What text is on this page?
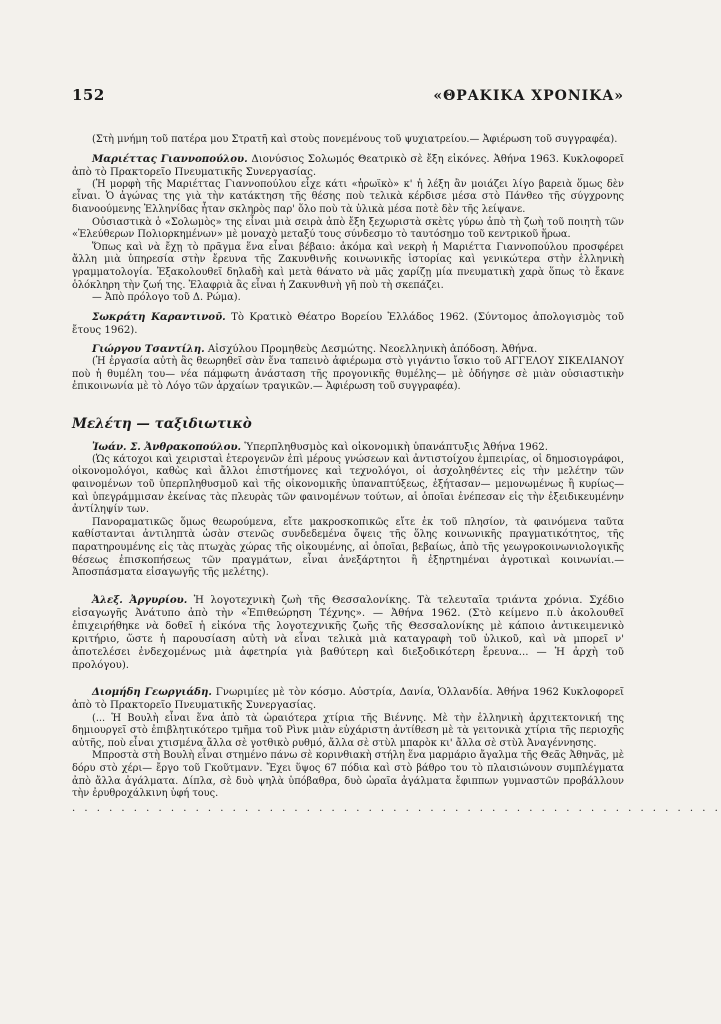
152	«ΘΡΑΚΙΚΑ ΧΡΟΝΙΚΑ»

(Στὴ μνήμη τοῦ πατέρα μου Στρατῆ καὶ στοὺς πονεμένους τοῦ ψυχιατρείου.— Ἀφιέρωση τοῦ συγγραφέα).

Μαριέττας Γιαννοπούλου. Διονύσιος Σολωμός Θεατρικὸ σὲ ἔξη εἰκόνες. Ἀθήνα 1963. Κυκλοφορεῖ ἀπὸ τὸ Πρακτορεῖο Πνευματικῆς Συνεργασίας.

(Ἡ μορφὴ τῆς Μαριέττας Γιαννοπούλου εἶχε κάτι «ἡρωϊκὸ» κ' ἡ λέξη ἂν μοιάζει λίγο βαρειὰ ὅμως δὲν εἶναι. Ὁ ἀγώνας της γιὰ τὴν κατάκτηση τῆς θέσης ποὺ τελικὰ κέρδισε μέσα στὸ Πάνθεο τῆς σύγχρονης διανοούμενης Ἑλληνίδας ἦταν σκληρὸς παρ' ὅλο ποὺ τὰ ὑλικὰ μέσα ποτὲ δὲν τῆς λείψανε.

Οὐσιαστικὰ ὁ «Σολωμὸς» της εἶναι μιὰ σειρὰ ἀπὸ ἔξη ξεχωριστὰ σκὲτς γύρω ἀπὸ τὴ ζωὴ τοῦ ποιητὴ τῶν «Ἐλεύθερων Πολιορκημένων» μὲ μοναχὸ μεταξύ τους σύνδεσμο τὸ ταυτόσημο τοῦ κεντρικοῦ ἥρωα.

Ὅπως καὶ νὰ ἔχῃ τὸ πρᾶγμα ἕνα εἶναι βέβαιο: ἀκόμα καὶ νεκρὴ ἡ Μαριέττα Γιαννοπούλου προσφέρει ἄλλη μιὰ ὑπηρεσία στὴν ἔρευνα τῆς Ζακυνθινῆς κοινωνικῆς ἱστορίας καὶ γενικώτερα στὴν ἑλληνικὴ γραμματολογία. Ἐξακολουθεῖ δηλαδὴ καὶ μετὰ θάνατο νὰ μᾶς χαρίζῃ μία πνευματικὴ χαρὰ ὅπως τὸ ἔκανε ὁλόκληρη τὴν ζωή της. Ἐλαφριὰ ἂς εἶναι ἡ Ζακυνθινὴ γῆ ποὺ τὴ σκεπάζει.

— Ἀπὸ πρόλογο τοῦ Δ. Ρώμα).

Σωκράτη Καραντινοῦ. Τὸ Κρατικὸ Θέατρο Βορείου Ἑλλάδος 1962. (Σύντομος ἀπολογισμὸς τοῦ ἔτους 1962).

Γιώργου Τσαντίλη. Αἰσχύλου Προμηθεὺς Δεσμώτης. Νεοελληνικὴ ἀπόδοση. Ἀθήνα.

(Ἡ ἐργασία αὐτὴ ἂς θεωρηθεῖ σὰν ἕνα ταπεινὸ ἀφιέρωμα στὸ γιγάντιο ἴσκιο τοῦ ΑΓΓΕΛΟΥ ΣΙΚΕΛΙΑΝΟΥ ποὺ ἡ θυμέλη του— νέα πάμφωτη ἀνάσταση τῆς προγονικῆς θυμέλης— μὲ ὁδήγησε σὲ μιὰν οὐσιαστικὴν ἐπικοινωνία μὲ τὸ Λόγο τῶν ἀρχαίων τραγικῶν.— Ἀφιέρωση τοῦ συγγραφέα).

Μελέτη — ταξιδιωτικὸ

Ἰωάν. Σ. Ἀνθρακοπούλου. Ὑπερπληθυσμὸς καὶ οἰκονομικὴ ὑπανάπτυξις Ἀθήνα 1962.

(Ὡς κάτοχοι καὶ χειρισταὶ ἑτερογενῶν ἐπὶ μέρους γνώσεων καὶ ἀντιστοίχου ἐμπειρίας, οἱ δημοσιογράφοι, οἰκονομολόγοι, καθὼς καὶ ἄλλοι ἐπιστήμονες καὶ τεχνολόγοι, οἱ ἀσχοληθέντες εἰς τὴν μελέτην τῶν φαινομένων τοῦ ὑπερπληθυσμοῦ καὶ τῆς οἰκονομικῆς ὑπαναπτύξεως, ἐξήτασαν— μεμονωμένως ἢ κυρίως— καὶ ὑπεγράμμισαν ἐκείνας τὰς πλευρὰς τῶν φαινομένων τούτων, αἱ ὁποῖαι ἐνέπεσαν εἰς τὴν ἐξειδικευμένην ἀντίληψίν των.

Πανοραματικῶς ὅμως θεωρούμενα, εἴτε μακροσκοπικῶς εἴτε ἐκ τοῦ πλησίον, τὰ φαινόμενα ταῦτα καθίστανται ἀντιληπτὰ ὡσὰν στενῶς συνδεδεμένα ὄψεις τῆς ὅλης κοινωνικῆς πραγματικότητος, τῆς παρατηρουμένης εἰς τὰς πτωχὰς χώρας τῆς οἰκουμένης, αἱ ὁποῖαι, βεβαίως, ἀπὸ τῆς γεωγροκοινωνιολογικῆς θέσεως ἐπισκοπήσεως τῶν πραγμάτων, εἶναι ἀνεξάρτητοι ἢ ἐξηρτημέναι ἀγροτικαὶ κοινωνίαι.— Ἀποσπάσματα εἰσαγωγῆς τῆς μελέτης).

Ἀλεξ. Ἀργυρίου. Ἡ λογοτεχνικὴ ζωὴ τῆς Θεσσαλονίκης. Τὰ τελευταῖα τριάντα χρόνια. Σχέδιο εἰσαγωγῆς Ἀνάτυπο ἀπὸ τὴν «Ἐπιθεώρηση Τέχνης». — Ἀθήνα 1962. (Στὸ κείμενο π.ὺ ἀκολουθεῖ ἐπιχειρήθηκε νὰ δοθεῖ ἡ εἰκόνα τῆς λογοτεχνικῆς ζωῆς τῆς Θεσσαλονίκης μὲ κάποιο ἀντικειμενικὸ κριτήριο, ὥστε ἡ παρουσίαση αὐτὴ νὰ εἶναι τελικὰ μιὰ καταγραφὴ τοῦ ὑλικοῦ, καὶ νὰ μπορεῖ ν' ἀποτελέσει ἐνδεχομένως μιὰ ἀφετηρία γιὰ βαθύτερη καὶ διεξοδικότερη ἔρευνα... — Ἡ ἀρχὴ τοῦ προλόγου).

Διομήδη Γεωργιάδη. Γνωριμίες μὲ τὸν κόσμο. Αὐστρία, Δανία, Ὁλλανδία. Ἀθήνα 1962 Κυκλοφορεῖ ἀπὸ τὸ Πρακτορεῖο Πνευματικῆς Συνεργασίας.

(... Ἡ Βουλὴ εἶναι ἕνα ἀπὸ τὰ ὡραιότερα χτίρια τῆς Βιέννης. Μὲ τὴν ἑλληνικὴ ἀρχιτεκτονική της δημιουργεῖ στὸ ἐπιβλητικότερο τμῆμα τοῦ Ρὶνκ μιὰν εὐχάριστη ἀντίθεση μὲ τὰ γειτονικὰ χτίρια τῆς περιοχῆς αὐτῆς, ποὺ εἶναι χτισμένα ἄλλα σὲ γοτθικὸ ρυθμό, ἄλλα σὲ στὺλ μπαρὸκ κι' ἄλλα σὲ στὺλ Ἀναγέννησης.

Μπροστὰ στὴ Βουλὴ εἶναι στημένο πάνω σὲ κορινθιακὴ στήλη ἕνα μαρμάριο ἄγαλμα τῆς Θεᾶς Ἀθηνᾶς, μὲ δόρυ στὸ χέρι— ἔργο τοῦ Γκοῦτμανν. Ἔχει ὕψος 67 πόδια καὶ στὸ βάθρο του τὸ πλαισιώνουν συμπλέγματα ἀπὸ ἄλλα ἀγάλματα. Δίπλα, σὲ δυὸ ψηλὰ ὑπόβαθρα, δυὸ ὡραῖα ἀγάλματα ἔφιππων γυμναστῶν προβάλλουν τὴν ἐρυθροχάλκινη ὑφή τους.

. . . . . . . . . . . . . . . . . . . . . . . . . . . . . . . . . . . . . . . . . . . . . . . . . . . . .
